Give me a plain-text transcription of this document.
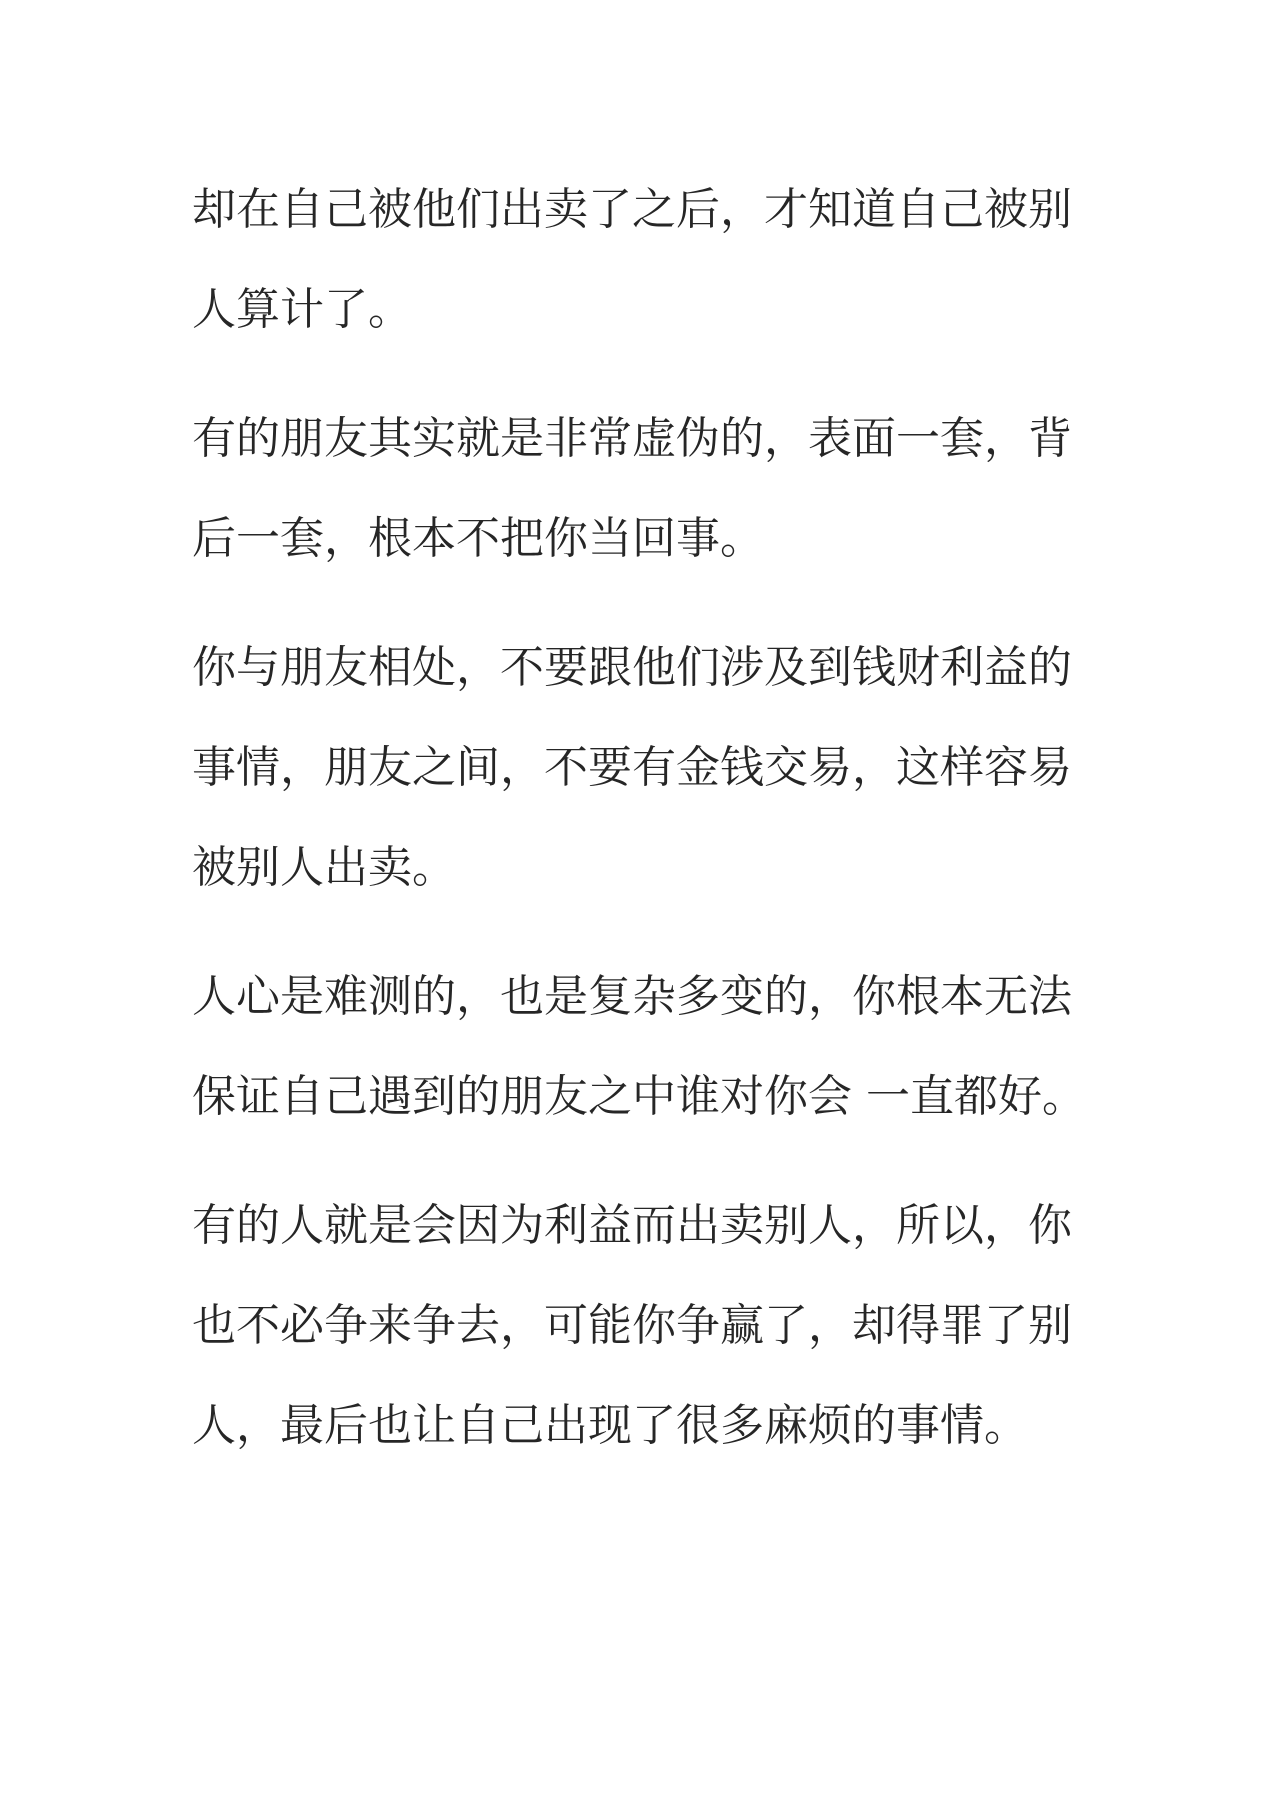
却在自己被他们出卖了之后，才知道自己被别
人算计了。
有的朋友其实就是非常虚伪的，表面一套，背
后一套，根本不把你当回事。
你与朋友相处，不要跟他们涉及到钱财利益的
事情，朋友之间，不要有金钱交易，这样容易
被别人出卖。
人心是难测的，也是复杂多变的，你根本无法
保证自己遇到的朋友之中谁对你会 一直都好。
有的人就是会因为利益而出卖别人，所以，你
也不必争来争去，可能你争赢了，却得罪了别
人，最后也让自己出现了很多麻烦的事情。
